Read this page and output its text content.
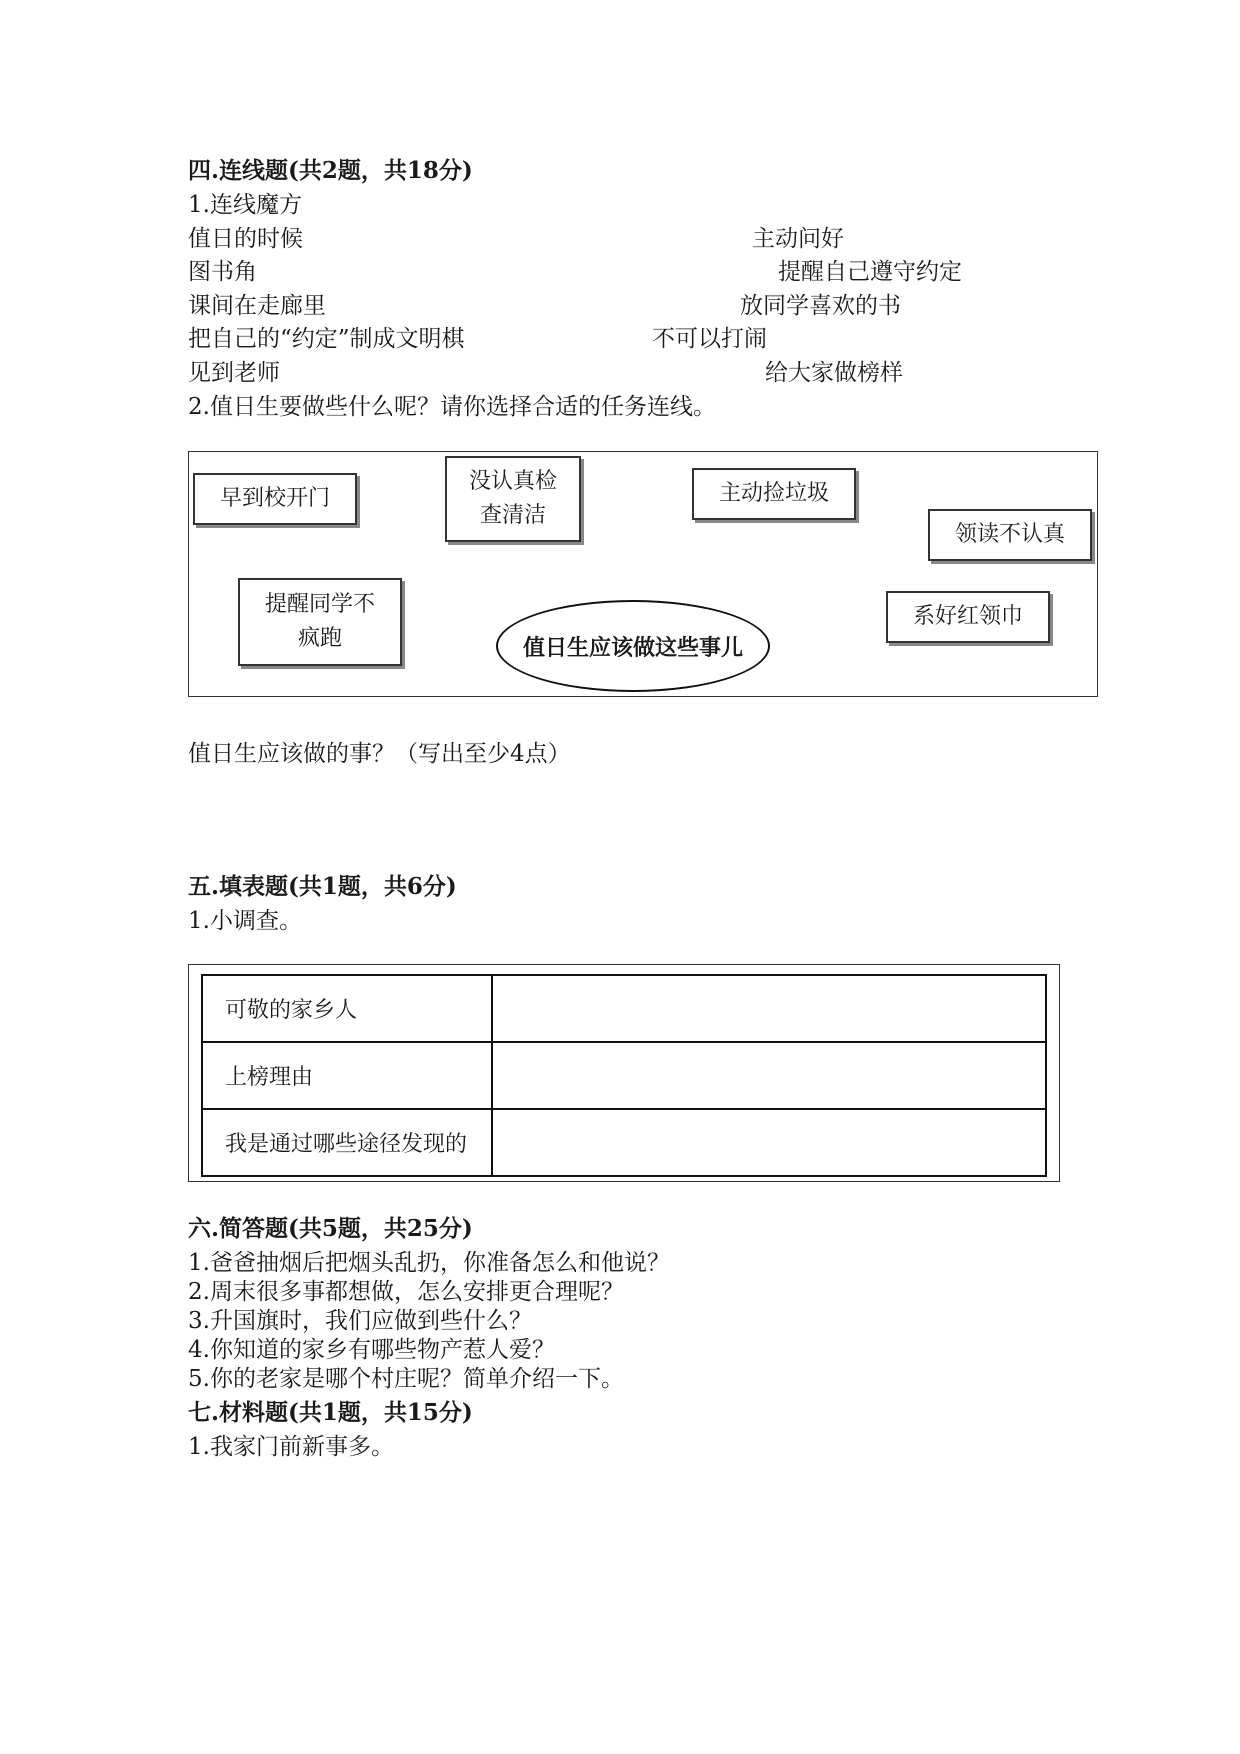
四.连线题(共2题，共18分)
1.连线魔方
值日的时候
图书角
课间在走廊里
把自己的“约定”制成文明棋
见到老师
主动问好
提醒自己遵守约定
放同学喜欢的书
不可以打闹
给大家做榜样
2.值日生要做些什么呢？请你选择合适的任务连线。
早到校开门
没认真检查清洁
主动捡垃圾
领读不认真
提醒同学不疯跑
系好红领巾
值日生应该做这些事儿
值日生应该做的事？（写出至少4点）
五.填表题(共1题，共6分)
1.小调查。
可敬的家乡人	
上榜理由	
我是通过哪些途径发现的	
六.简答题(共5题，共25分)
1.爸爸抽烟后把烟头乱扔，你准备怎么和他说？
2.周末很多事都想做，怎么安排更合理呢？
3.升国旗时，我们应做到些什么？
4.你知道的家乡有哪些物产惹人爱？
5.你的老家是哪个村庄呢？简单介绍一下。
七.材料题(共1题，共15分)
1.我家门前新事多。
